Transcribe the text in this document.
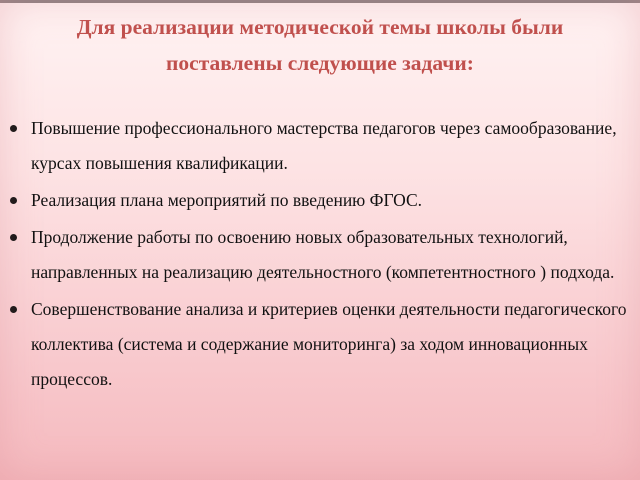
Для реализации методической темы школы были поставлены следующие задачи:
Повышение профессионального мастерства педагогов через самообразование, курсах повышения квалификации.
Реализация плана мероприятий по введению ФГОС.
Продолжение работы по освоению новых образовательных технологий, направленных на реализацию деятельностного (компетентностного ) подхода.
Совершенствование анализа и критериев оценки деятельности педагогического коллектива (система и содержание мониторинга) за ходом инновационных процессов.
